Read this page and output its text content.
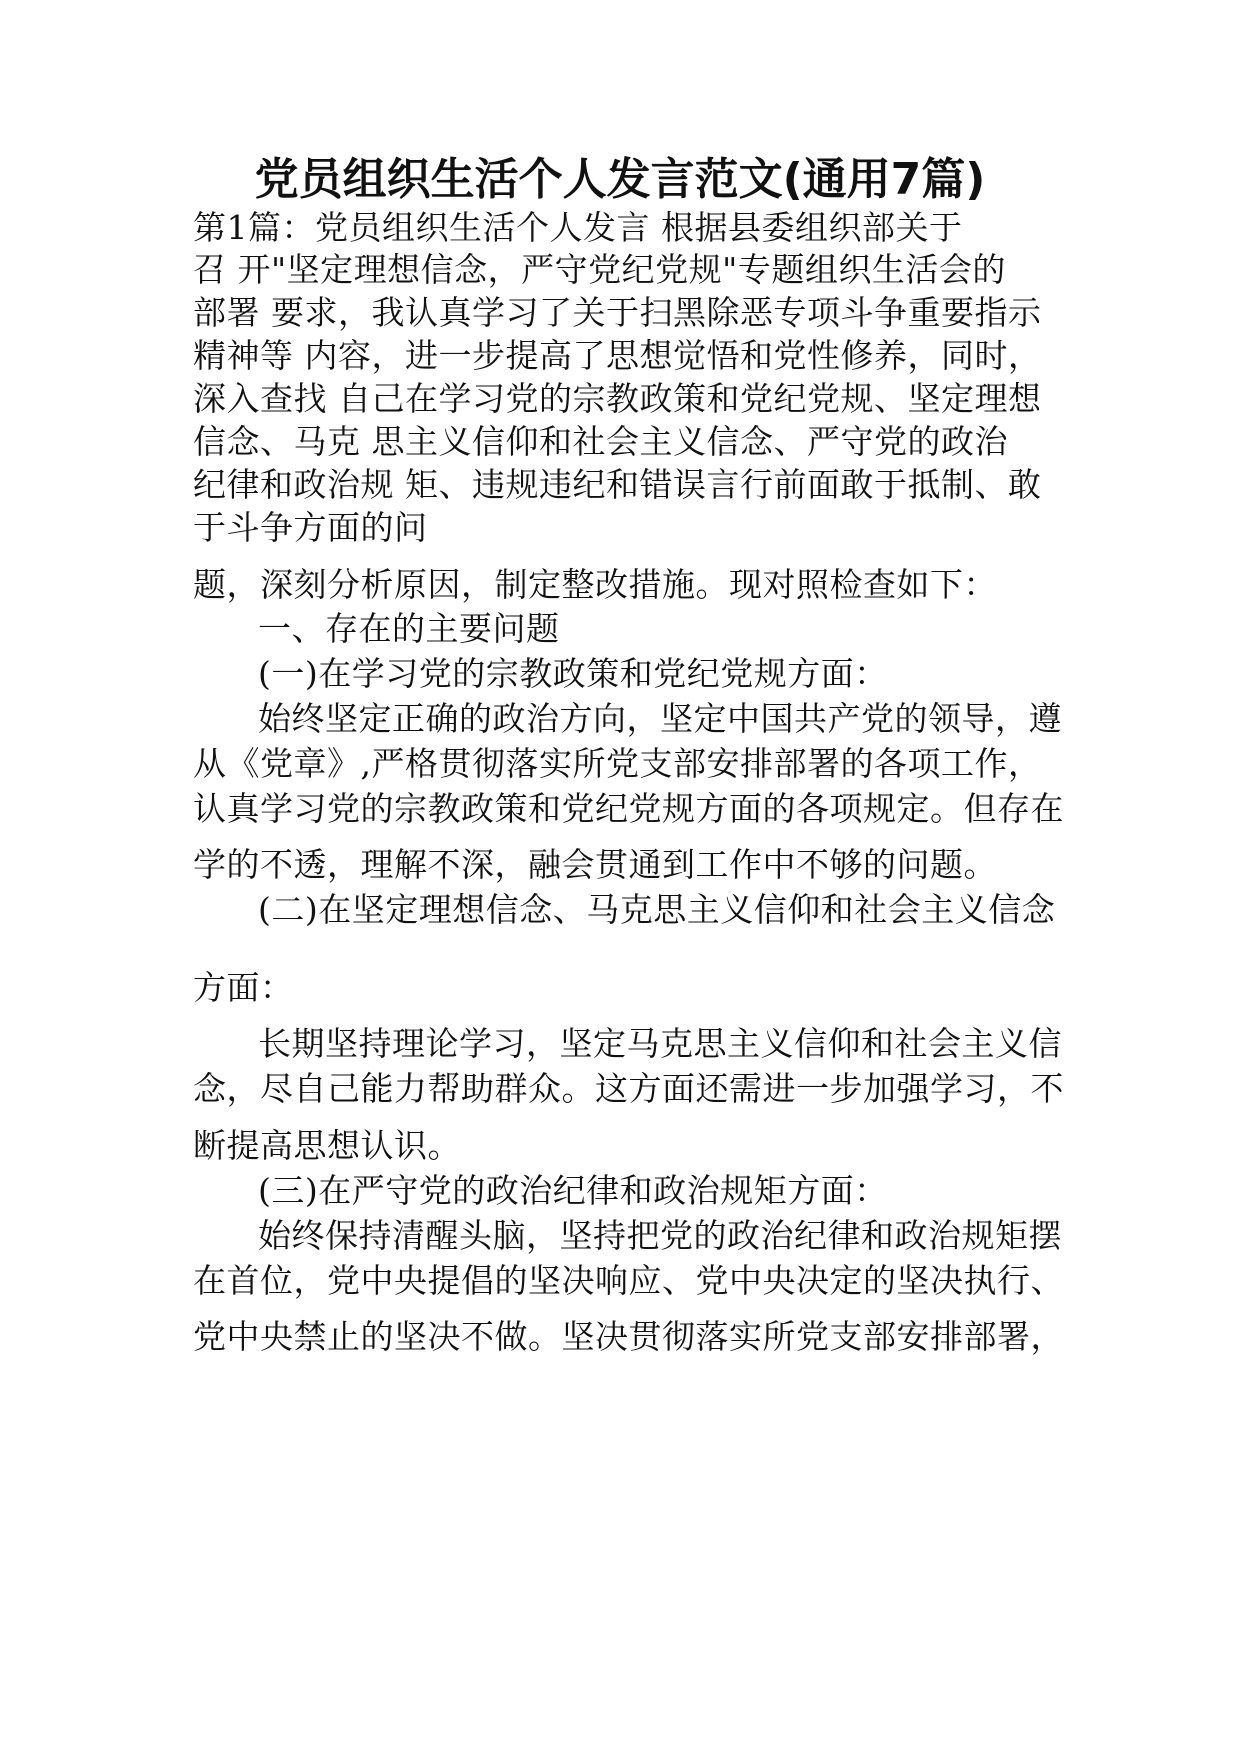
党员组织生活个人发言范文(通用7篇)
第1篇：党员组织生活个人发言 根据县委组织部关于
召 开"坚定理想信念，严守党纪党规"专题组织生活会的
部署 要求，我认真学习了关于扫黑除恶专项斗争重要指示
精神等 内容，进一步提高了思想觉悟和党性修养，同时，
深入查找 自己在学习党的宗教政策和党纪党规、坚定理想
信念、马克 思主义信仰和社会主义信念、严守党的政治
纪律和政治规 矩、违规违纪和错误言行前面敢于抵制、敢
于斗争方面的问
题，深刻分析原因，制定整改措施。现对照检查如下：
一、存在的主要问题
(一)在学习党的宗教政策和党纪党规方面：
始终坚定正确的政治方向，坚定中国共产党的领导，遵
从《党章》,严格贯彻落实所党支部安排部署的各项工作，
认真学习党的宗教政策和党纪党规方面的各项规定。但存在
学的不透，理解不深，融会贯通到工作中不够的问题。
(二)在坚定理想信念、马克思主义信仰和社会主义信念
方面：
长期坚持理论学习，坚定马克思主义信仰和社会主义信
念，尽自己能力帮助群众。这方面还需进一步加强学习，不
断提高思想认识。
(三)在严守党的政治纪律和政治规矩方面：
始终保持清醒头脑，坚持把党的政治纪律和政治规矩摆
在首位，党中央提倡的坚决响应、党中央决定的坚决执行、
党中央禁止的坚决不做。坚决贯彻落实所党支部安排部署，
